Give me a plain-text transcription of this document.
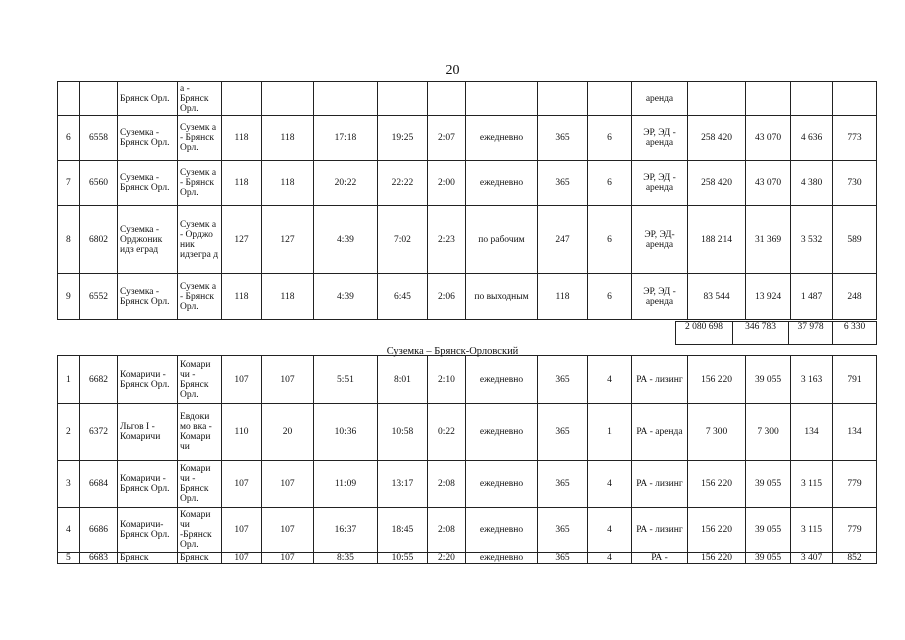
20
		Брянск Орл.	а - Брянск Орл.									аренда				
6	6558	Суземка - Брянск Орл.	Суземк а - Брянск Орл.	118	118	17:18	19:25	2:07	ежедневно	365	6	ЭР, ЭД - аренда	258 420	43 070	4 636	773
7	6560	Суземка - Брянск Орл.	Суземк а - Брянск Орл.	118	118	20:22	22:22	2:00	ежедневно	365	6	ЭР, ЭД - аренда	258 420	43 070	4 380	730
8	6802	Суземка - Орджоник идз еград	Суземк а - Орджо ник идзегра д	127	127	4:39	7:02	2:23	по рабочим	247	6	ЭР, ЭД- аренда	188 214	31 369	3 532	589
9	6552	Суземка - Брянск Орл.	Суземк а - Брянск Орл.	118	118	4:39	6:45	2:06	по выходным	118	6	ЭР, ЭД - аренда	83 544	13 924	1 487	248
2 080 698	346 783	37 978	6 330
Суземка – Брянск-Орловский
1	6682	Комаричи - Брянск Орл.	Комари чи - Брянск Орл.	107	107	5:51	8:01	2:10	ежедневно	365	4	РА - лизинг	156 220	39 055	3 163	791
2	6372	Льгов I - Комаричи	Евдоки мо вка - Комари чи	110	20	10:36	10:58	0:22	ежедневно	365	1	РА - аренда	7 300	7 300	134	134
3	6684	Комаричи - Брянск Орл.	Комари чи - Брянск Орл.	107	107	11:09	13:17	2:08	ежедневно	365	4	РА - лизинг	156 220	39 055	3 115	779
4	6686	Комаричи- Брянск Орл.	Комари чи -Брянск Орл.	107	107	16:37	18:45	2:08	ежедневно	365	4	РА - лизинг	156 220	39 055	3 115	779
5	6683	Брянск	Брянск	107	107	8:35	10:55	2:20	ежедневно	365	4	РА -	156 220	39 055	3 407	852
